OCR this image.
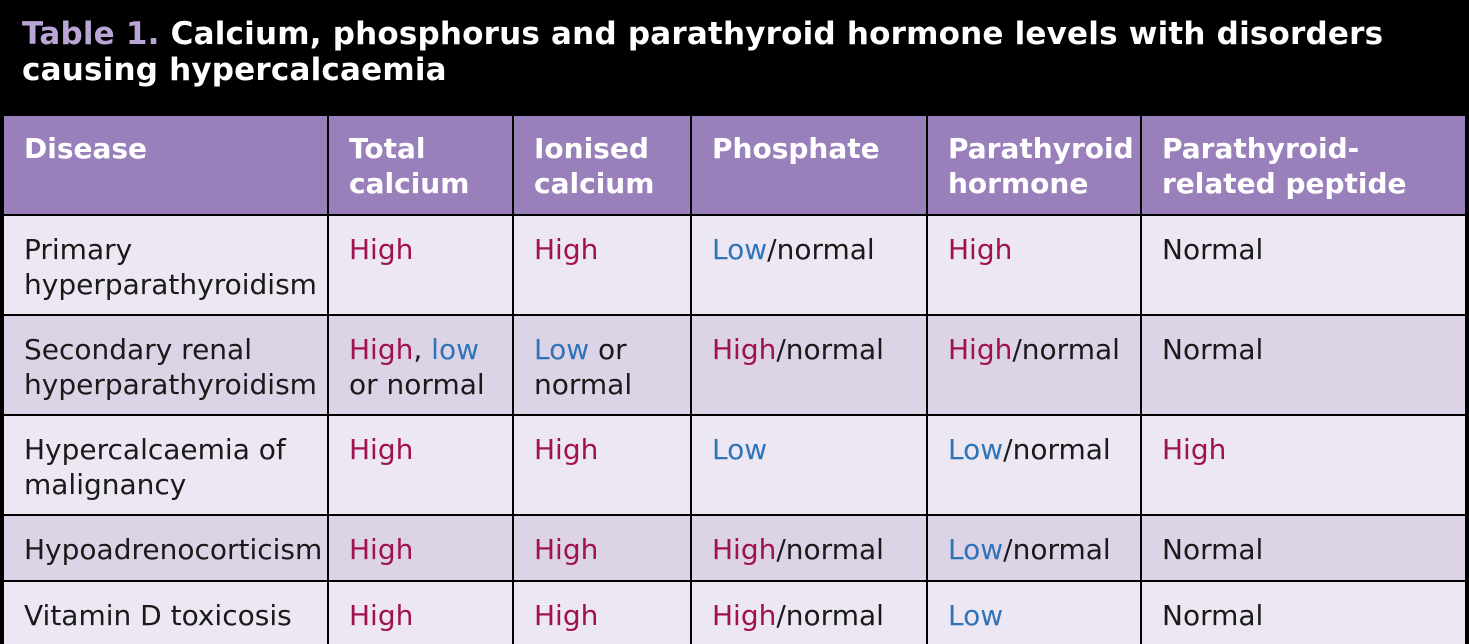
Table 1. Calcium, phosphorus and parathyroid hormone levels with disorders causing hypercalcaemia
Disease	Total calcium	Ionised calcium	Phosphate	Parathyroid hormone	Parathyroid-related peptide
Primary hyperparathyroidism	High	High	Low/normal	High	Normal
Secondary renal hyperparathyroidism	High, low or normal	Low or normal	High/normal	High/normal	Normal
Hypercalcaemia of malignancy	High	High	Low	Low/normal	High
Hypoadrenocorticism	High	High	High/normal	Low/normal	Normal
Vitamin D toxicosis	High	High	High/normal	Low	Normal
